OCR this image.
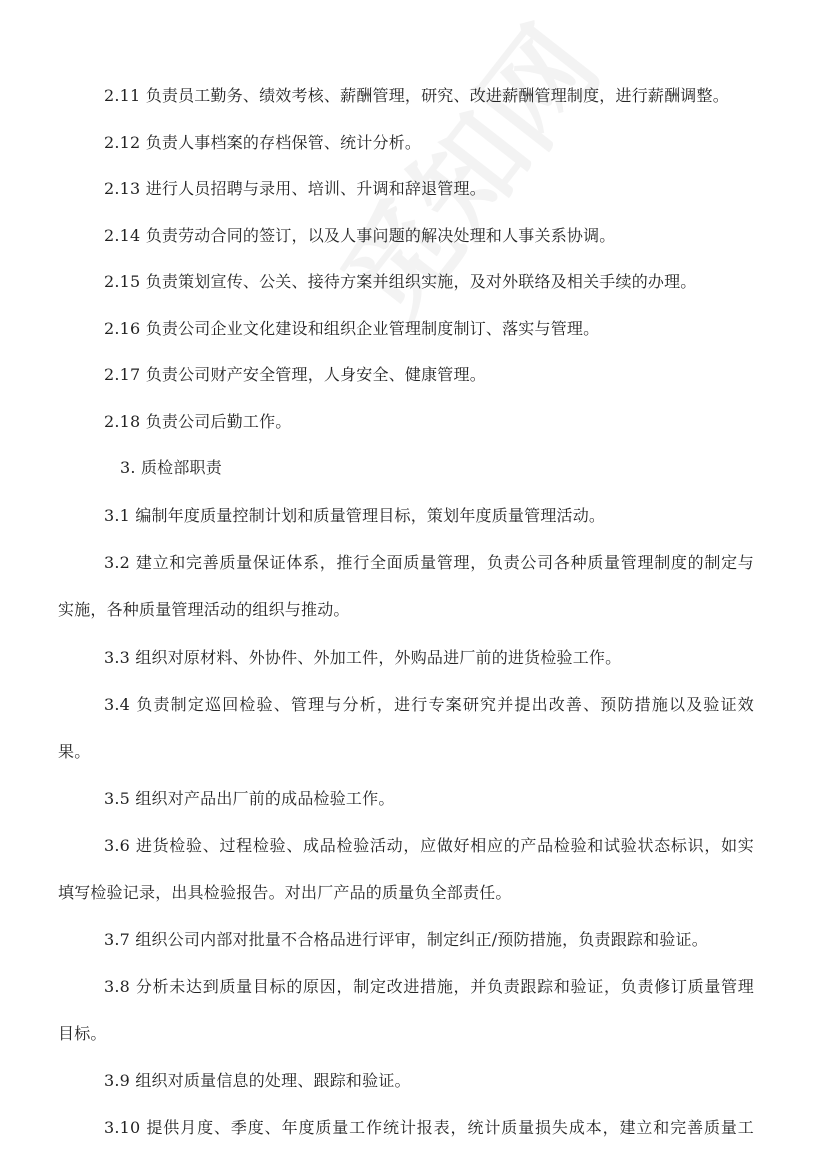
2.11 负责员工勤务、绩效考核、薪酬管理，研究、改进薪酬管理制度，进行薪酬调整。
2.12 负责人事档案的存档保管、统计分析。
2.13 进行人员招聘与录用、培训、升调和辞退管理。
2.14 负责劳动合同的签订，以及人事问题的解决处理和人事关系协调。
2.15 负责策划宣传、公关、接待方案并组织实施，及对外联络及相关手续的办理。
2.16 负责公司企业文化建设和组织企业管理制度制订、落实与管理。
2.17 负责公司财产安全管理，人身安全、健康管理。
2.18 负责公司后勤工作。
3. 质检部职责
3.1 编制年度质量控制计划和质量管理目标，策划年度质量管理活动。
3.2 建立和完善质量保证体系，推行全面质量管理，负责公司各种质量管理制度的制定与
实施，各种质量管理活动的组织与推动。
3.3 组织对原材料、外协件、外加工件，外购品进厂前的进货检验工作。
3.4 负责制定巡回检验、管理与分析，进行专案研究并提出改善、预防措施以及验证效
果。
3.5 组织对产品出厂前的成品检验工作。
3.6 进货检验、过程检验、成品检验活动，应做好相应的产品检验和试验状态标识，如实
填写检验记录，出具检验报告。对出厂产品的质量负全部责任。
3.7 组织公司内部对批量不合格品进行评审，制定纠正/预防措施，负责跟踪和验证。
3.8 分析未达到质量目标的原因，制定改进措施，并负责跟踪和验证，负责修订质量管理
目标。
3.9 组织对质量信息的处理、跟踪和验证。
3.10 提供月度、季度、年度质量工作统计报表，统计质量损失成本，建立和完善质量工
